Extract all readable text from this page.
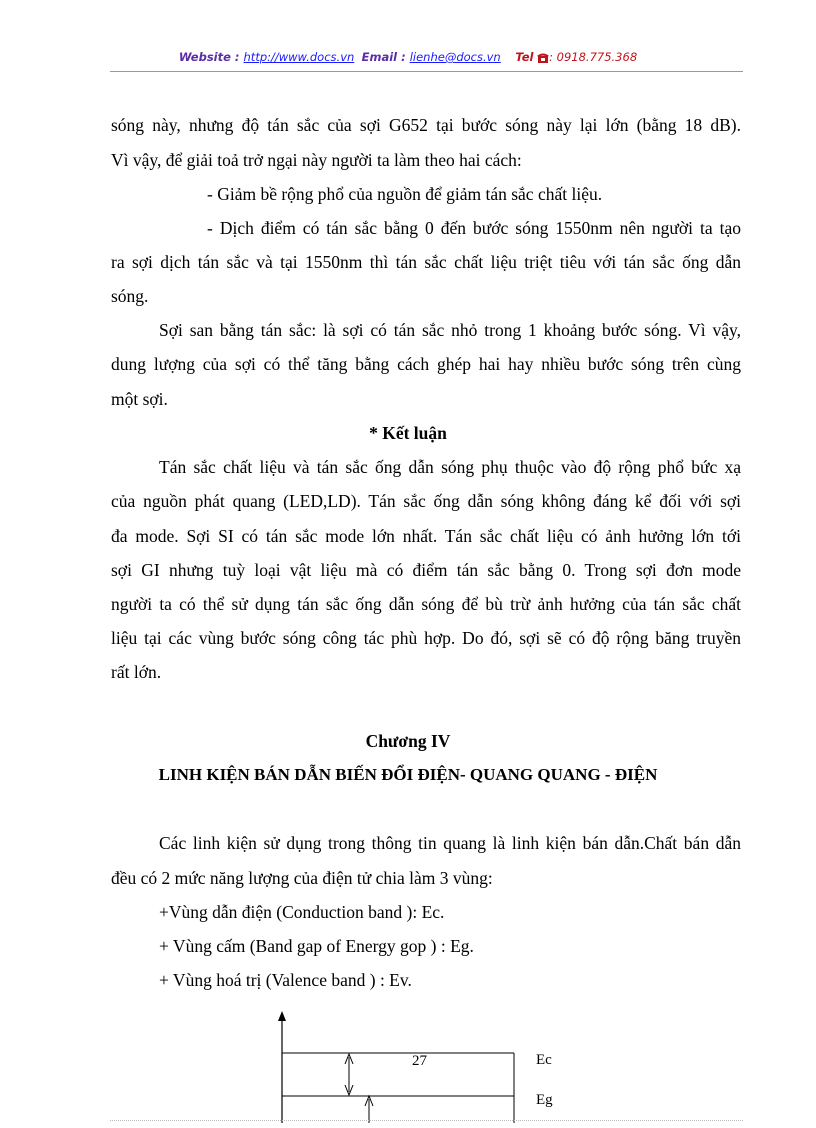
Website : http://www.docs.vn Email : lienhe@docs.vn Tel : 0918.775.368
sóng này, nhưng độ tán sắc của sợi G652 tại bước sóng này lại lớn (bằng 18 dB).
Vì vậy, để giải toả trở ngại này người ta làm theo hai cách:
- Giảm bề rộng phổ của nguồn để giảm tán sắc chất liệu.
- Dịch điểm có tán sắc bằng 0 đến bước sóng 1550nm nên người ta tạo
ra sợi dịch tán sắc và tại 1550nm thì tán sắc chất liệu triệt tiêu với tán sắc ống dẫn
sóng.
Sợi san bằng tán sắc: là sợi có tán sắc nhỏ trong 1 khoảng bước sóng. Vì vậy,
dung lượng của sợi có thể tăng bằng cách ghép hai hay nhiều bước sóng trên cùng
một sợi.
* Kết luận
Tán sắc chất liệu và tán sắc ống dẫn sóng phụ thuộc vào độ rộng phổ bức xạ
của nguồn phát quang (LED,LD). Tán sắc ống dẫn sóng không đáng kể đối với sợi
đa mode. Sợi SI có tán sắc mode lớn nhất. Tán sắc chất liệu có ảnh hưởng lớn tới
sợi GI nhưng tuỳ loại vật liệu mà có điểm tán sắc bằng 0. Trong sợi đơn mode
người ta có thể sử dụng tán sắc ống dẫn sóng để bù trừ ảnh hưởng của tán sắc chất
liệu tại các vùng bước sóng công tác phù hợp. Do đó, sợi sẽ có độ rộng băng truyền
rất lớn.
Chương IV
LINH KIỆN BÁN DẪN BIẾN ĐỔI ĐIỆN- QUANG QUANG - ĐIỆN
Các linh kiện sử dụng trong thông tin quang là linh kiện bán dẫn.Chất bán dẫn
đều có 2 mức năng lượng của điện tử chia làm 3 vùng:
+Vùng dẫn điện (Conduction band ): Ec.
+ Vùng cấm (Band gap of Energy gop ) : Eg.
+ Vùng hoá trị (Valence band ) : Ev.
27	Ec
Eg
